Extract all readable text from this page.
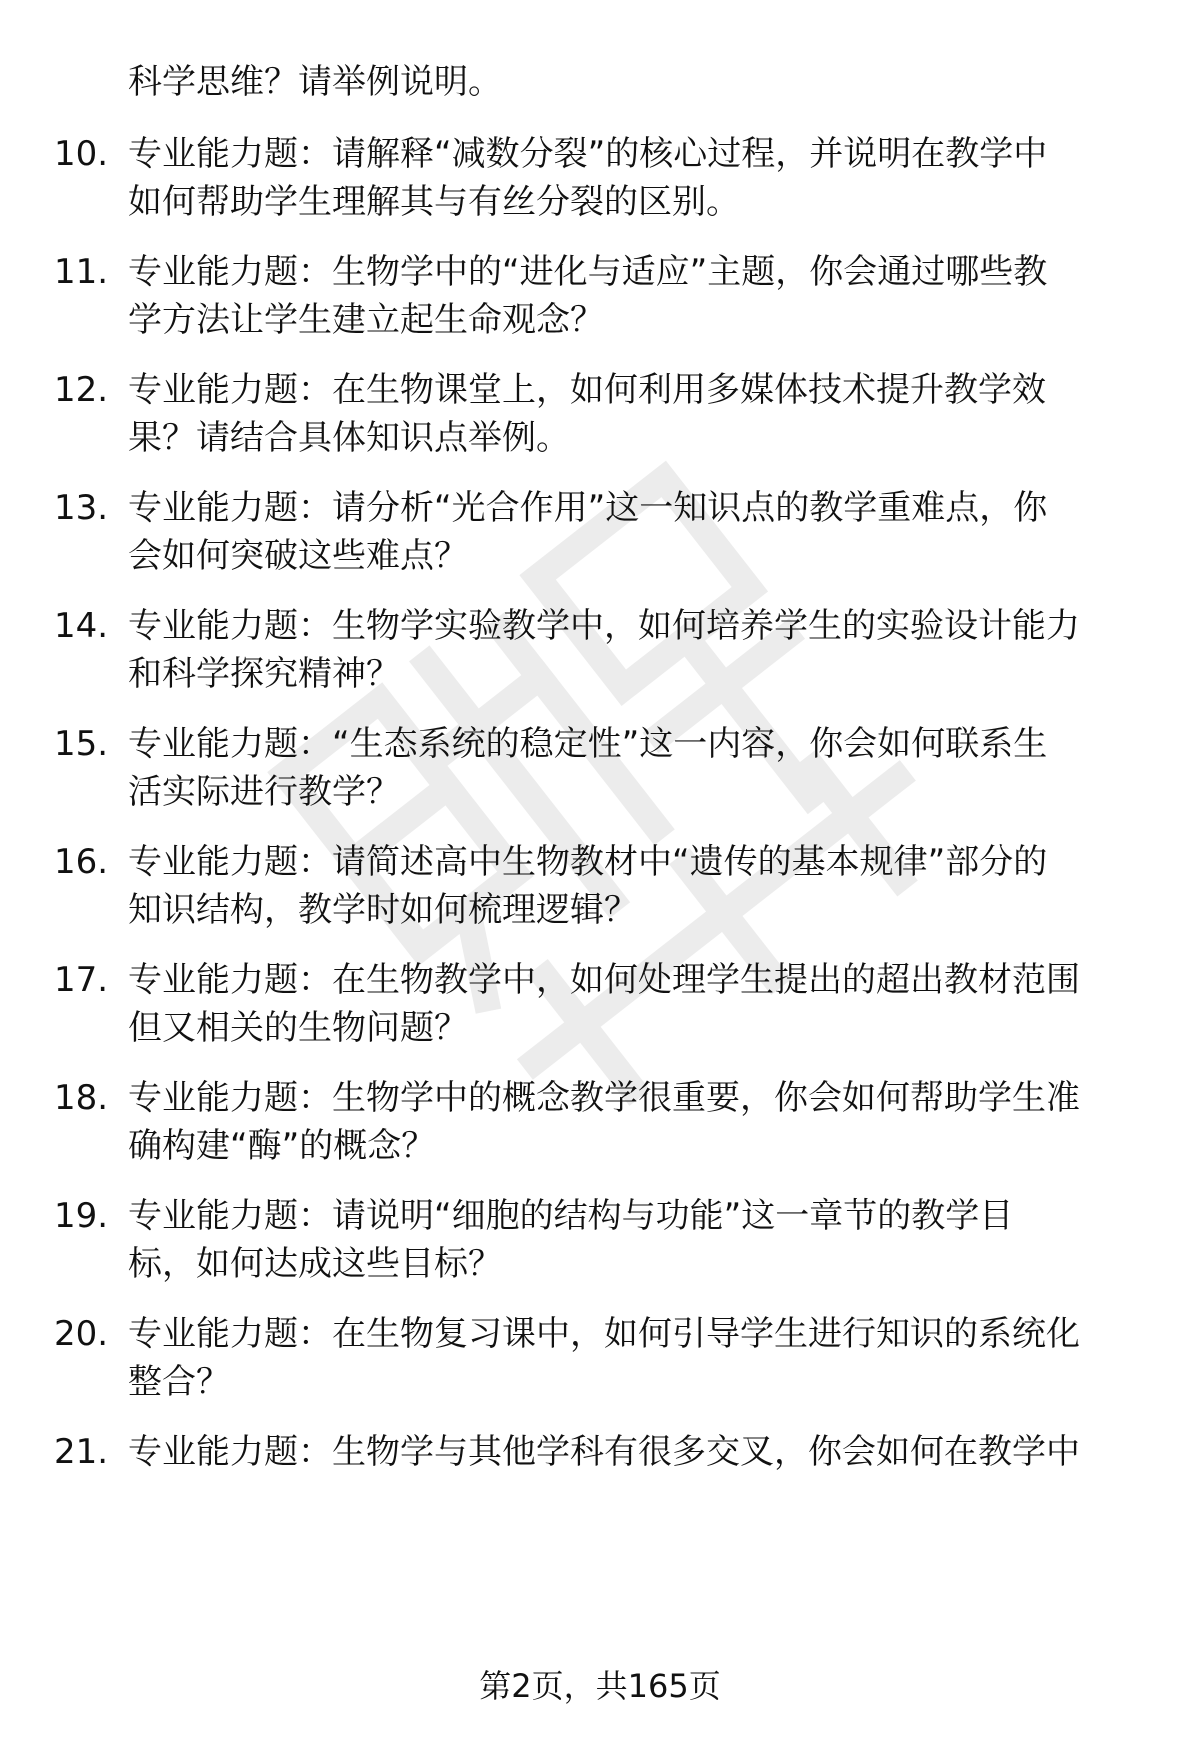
科学思维？请举例说明。

10. 专业能力题：请解释“减数分裂”的核心过程，并说明在教学中
如何帮助学生理解其与有丝分裂的区别。
11. 专业能力题：生物学中的“进化与适应”主题，你会通过哪些教
学方法让学生建立起生命观念？
12. 专业能力题：在生物课堂上，如何利用多媒体技术提升教学效
果？请结合具体知识点举例。
13. 专业能力题：请分析“光合作用”这一知识点的教学重难点，你
会如何突破这些难点？
14. 专业能力题：生物学实验教学中，如何培养学生的实验设计能力
和科学探究精神？
15. 专业能力题：“生态系统的稳定性”这一内容，你会如何联系生
活实际进行教学？
16. 专业能力题：请简述高中生物教材中“遗传的基本规律”部分的
知识结构，教学时如何梳理逻辑？
17. 专业能力题：在生物教学中，如何处理学生提出的超出教材范围
但又相关的生物问题？
18. 专业能力题：生物学中的概念教学很重要，你会如何帮助学生准
确构建“酶”的概念？
19. 专业能力题：请说明“细胞的结构与功能”这一章节的教学目
标，如何达成这些目标？
20. 专业能力题：在生物复习课中，如何引导学生进行知识的系统化
整合？
21. 专业能力题：生物学与其他学科有很多交叉，你会如何在教学中
第2页，共165页
